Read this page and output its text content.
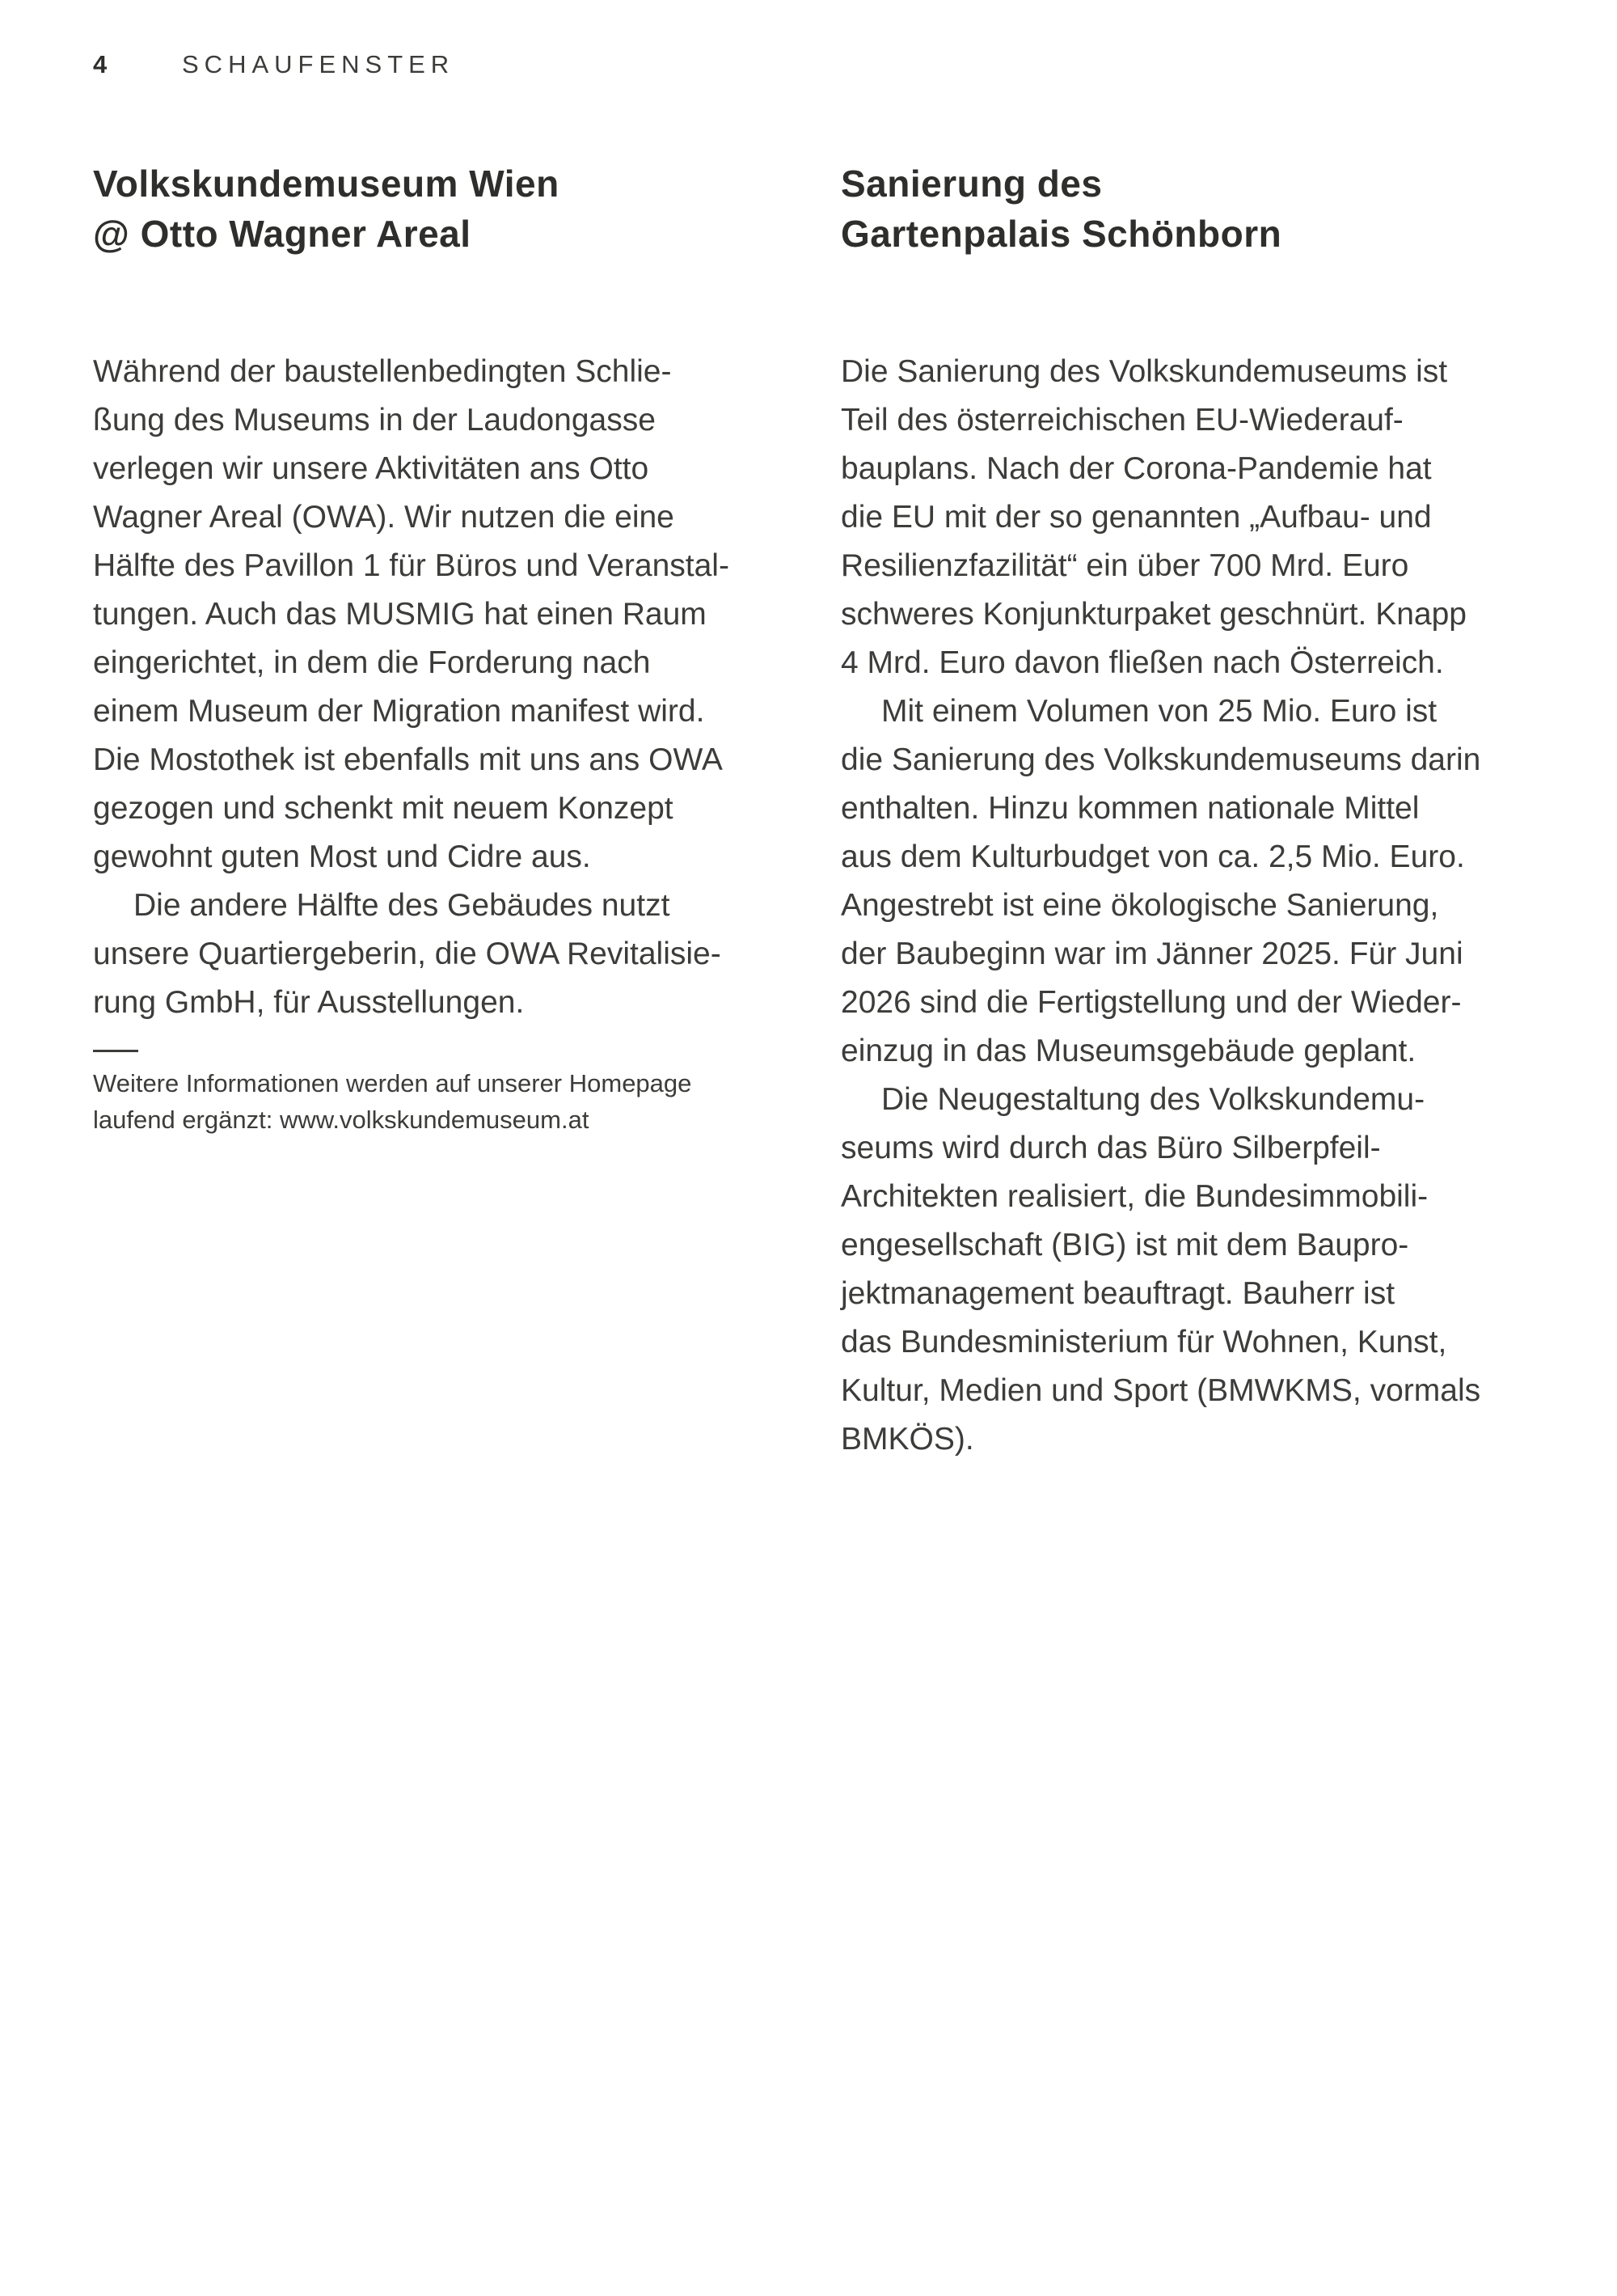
4	SCHAUFENSTER
Volkskundemuseum Wien
@ Otto Wagner Areal
Während der baustellenbedingten Schlie-
ßung des Museums in der Laudongasse
verlegen wir unsere Aktivitäten ans Otto
Wagner Areal (OWA). Wir nutzen die eine
Hälfte des Pavillon 1 für Büros und Veranstal-
tungen. Auch das MUSMIG hat einen Raum
eingerichtet, in dem die Forderung nach
einem Museum der Migration manifest wird.
Die Mostothek ist ebenfalls mit uns ans OWA
gezogen und schenkt mit neuem Konzept
gewohnt guten Most und Cidre aus.
Die andere Hälfte des Gebäudes nutzt
unsere Quartiergeberin, die OWA Revitalisie-
rung GmbH, für Ausstellungen.
Weitere Informationen werden auf unserer Homepage
laufend ergänzt: www.volkskundemuseum.at
Sanierung des
Gartenpalais Schönborn
Die Sanierung des Volkskundemuseums ist
Teil des österreichischen EU-Wiederauf-
bauplans. Nach der Corona-Pandemie hat
die EU mit der so genannten „Aufbau- und
Resilienzfazilität“ ein über 700 Mrd. Euro
schweres Konjunkturpaket geschnürt. Knapp
4 Mrd. Euro davon fließen nach Österreich.
Mit einem Volumen von 25 Mio. Euro ist
die Sanierung des Volkskundemuseums darin
enthalten. Hinzu kommen nationale Mittel
aus dem Kulturbudget von ca. 2,5 Mio. Euro.
Angestrebt ist eine ökologische Sanierung,
der Baubeginn war im Jänner 2025. Für Juni
2026 sind die Fertigstellung und der Wieder-
einzug in das Museumsgebäude geplant.
Die Neugestaltung des Volkskundemu-
seums wird durch das Büro Silberpfeil-
Architekten realisiert, die Bundesimmobili-
engesellschaft (BIG) ist mit dem Baupro-
jektmanagement beauftragt. Bauherr ist
das Bundesministerium für Wohnen, Kunst,
Kultur, Medien und Sport (BMWKMS, vormals
BMKÖS).
